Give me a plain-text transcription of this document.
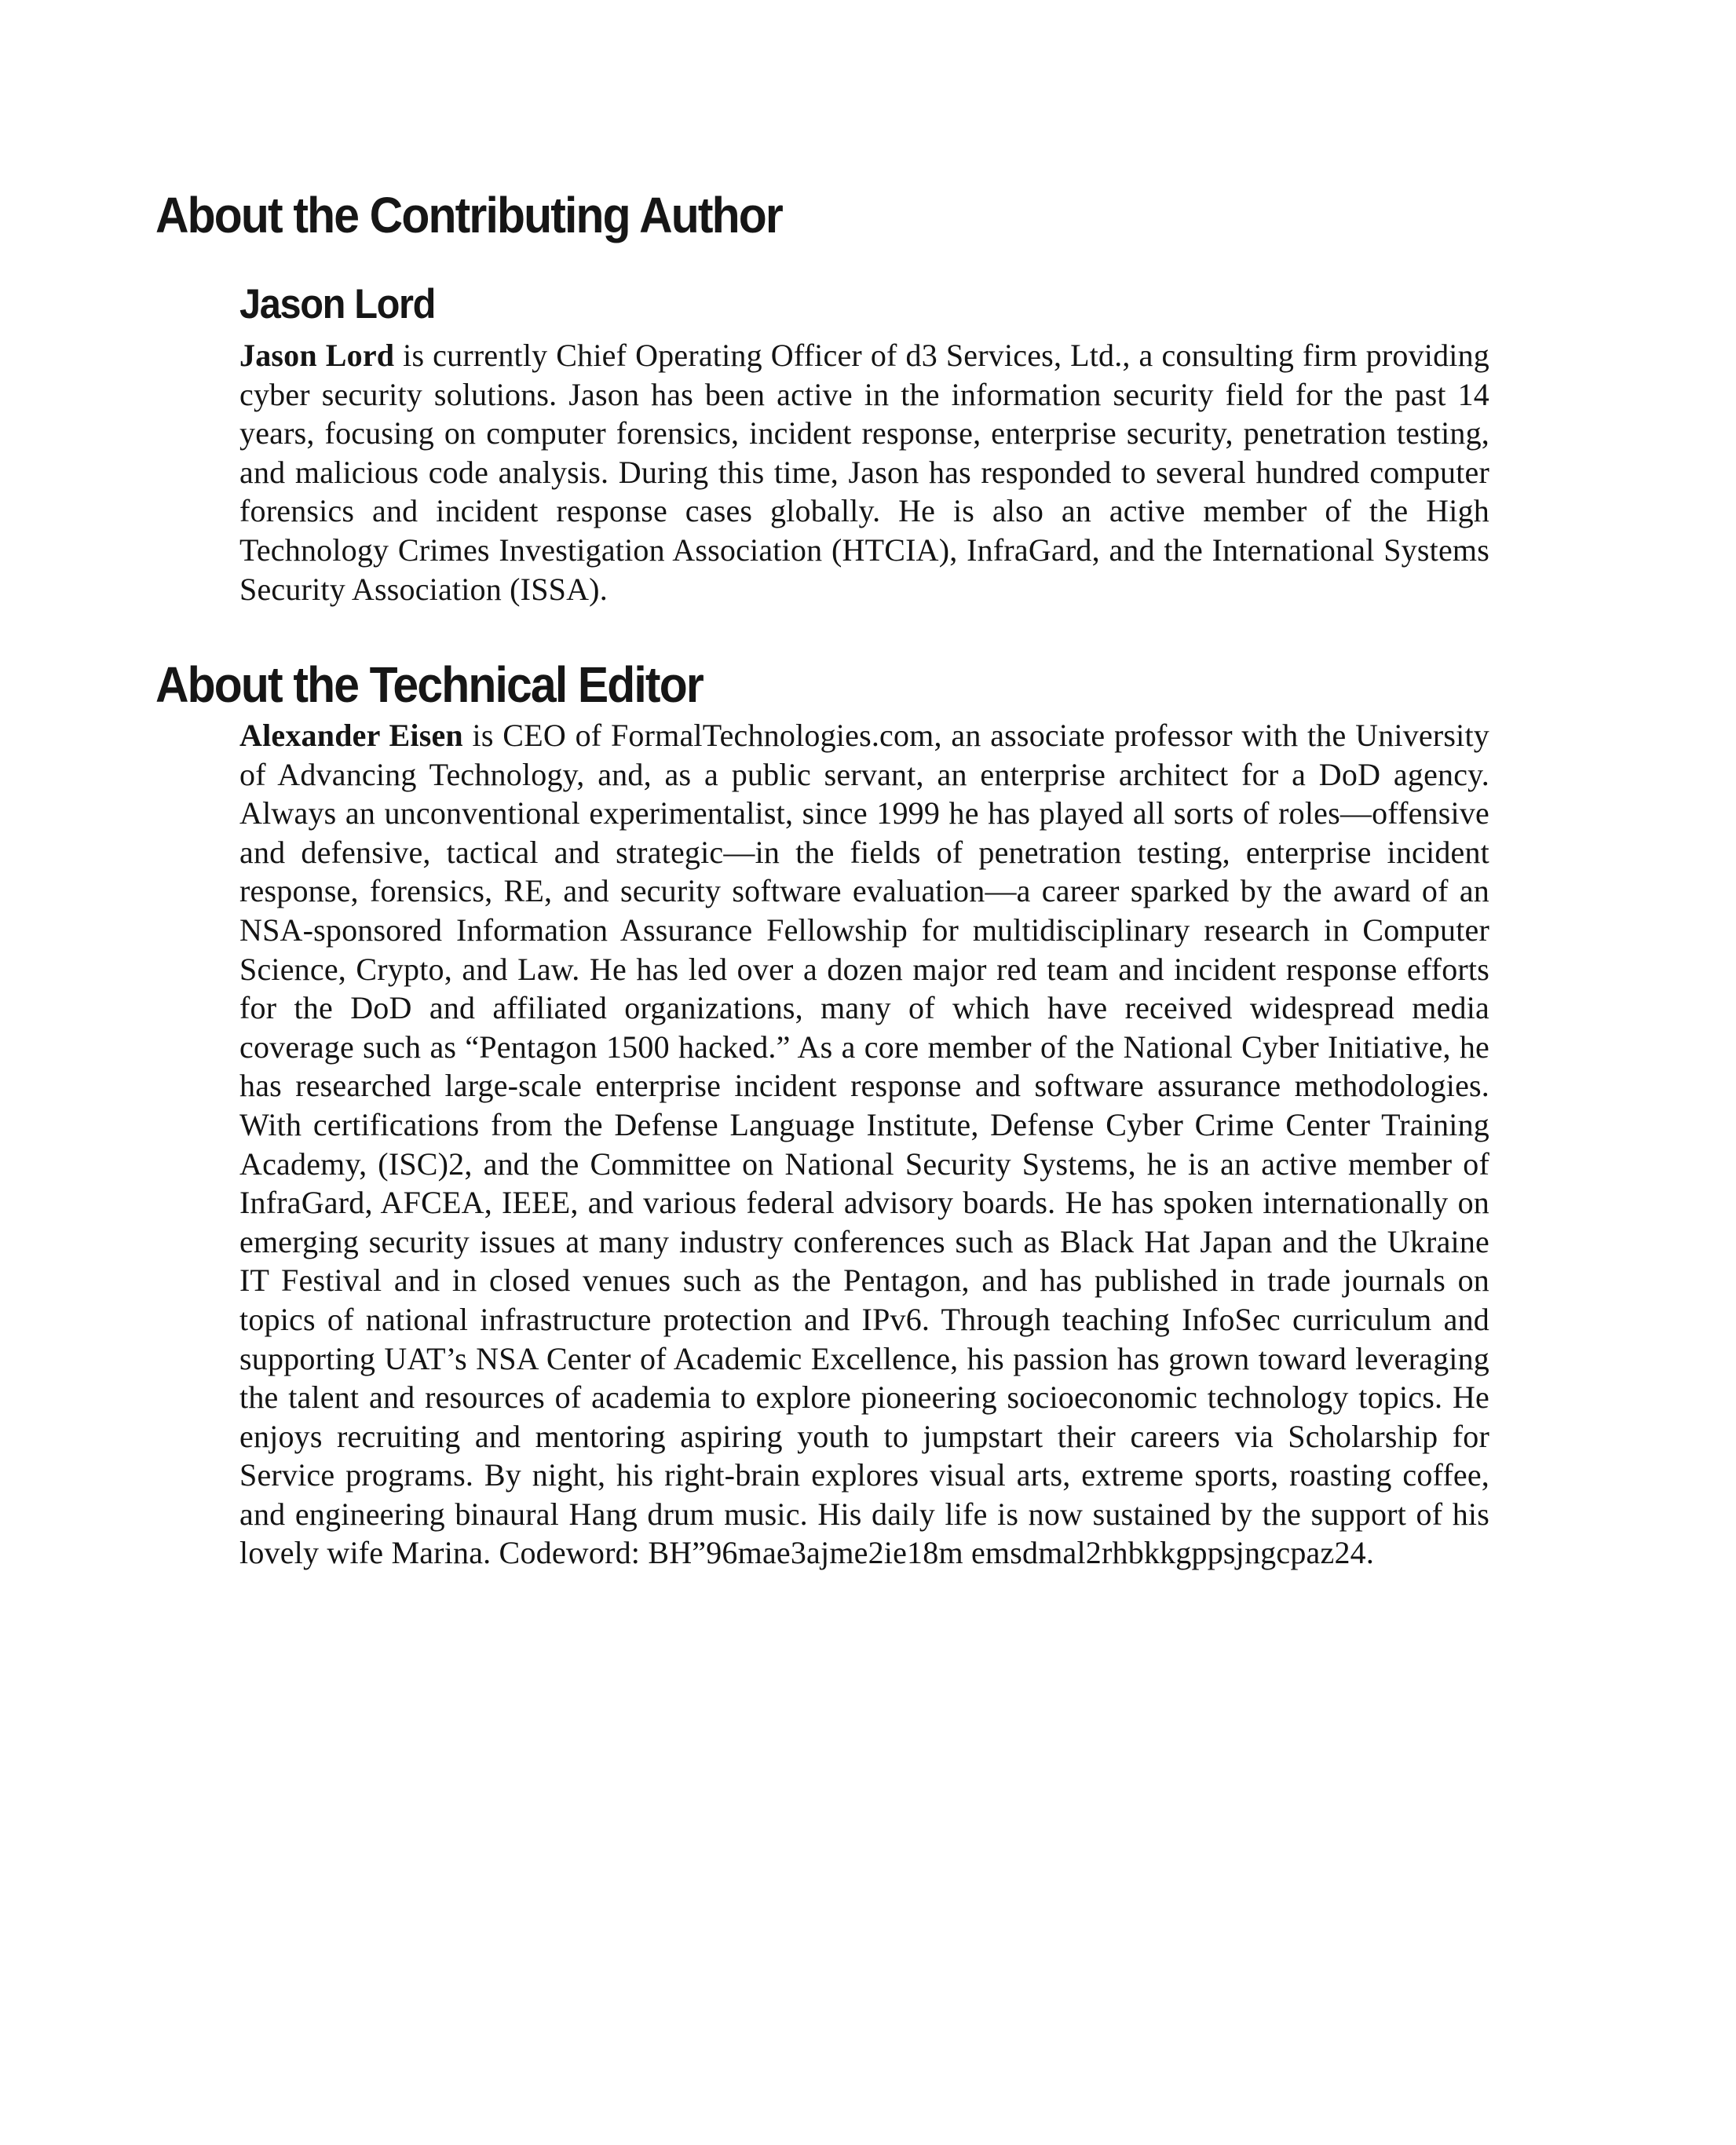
About the Contributing Author
Jason Lord

Jason Lord is currently Chief Operating Officer of d3 Services, Ltd., a consulting firm providing cyber security solutions. Jason has been active in the information security field for the past 14 years, focusing on computer forensics, incident response, enterprise security, penetration testing, and malicious code analysis. During this time, Jason has responded to several hundred computer forensics and incident response cases globally. He is also an active member of the High Technology Crimes Investigation Association (HTCIA), InfraGard, and the International Systems Security Association (ISSA).

About the Technical Editor

Alexander Eisen is CEO of FormalTechnologies.com, an associate professor with the University of Advancing Technology, and, as a public servant, an enterprise architect for a DoD agency. Always an unconventional experimentalist, since 1999 he has played all sorts of roles—offensive and defensive, tactical and strategic—in the fields of penetration testing, enterprise incident response, forensics, RE, and security software evaluation—a career sparked by the award of an NSA-sponsored Information Assurance Fellowship for multidisciplinary research in Computer Science, Crypto, and Law. He has led over a dozen major red team and incident response efforts for the DoD and affiliated organizations, many of which have received widespread media coverage such as “Pentagon 1500 hacked.” As a core member of the National Cyber Initiative, he has researched large-scale enterprise incident response and software assurance methodologies. With certifications from the Defense Language Institute, Defense Cyber Crime Center Training Academy, (ISC)2, and the Committee on National Security Systems, he is an active member of InfraGard, AFCEA, IEEE, and various federal advisory boards. He has spoken internationally on emerging security issues at many industry conferences such as Black Hat Japan and the Ukraine IT Festival and in closed venues such as the Pentagon, and has published in trade journals on topics of national infrastructure protection and IPv6. Through teaching InfoSec curriculum and supporting UAT’s NSA Center of Academic Excellence, his passion has grown toward leveraging the talent and resources of academia to explore pioneering socioeconomic technology topics. He enjoys recruiting and mentoring aspiring youth to jumpstart their careers via Scholarship for Service programs. By night, his right-brain explores visual arts, extreme sports, roasting coffee, and engineering binaural Hang drum music. His daily life is now sustained by the support of his lovely wife Marina. Codeword: BH”96mae3ajme2ie18m emsdmal2rhbkkgppsjngcpaz24.
